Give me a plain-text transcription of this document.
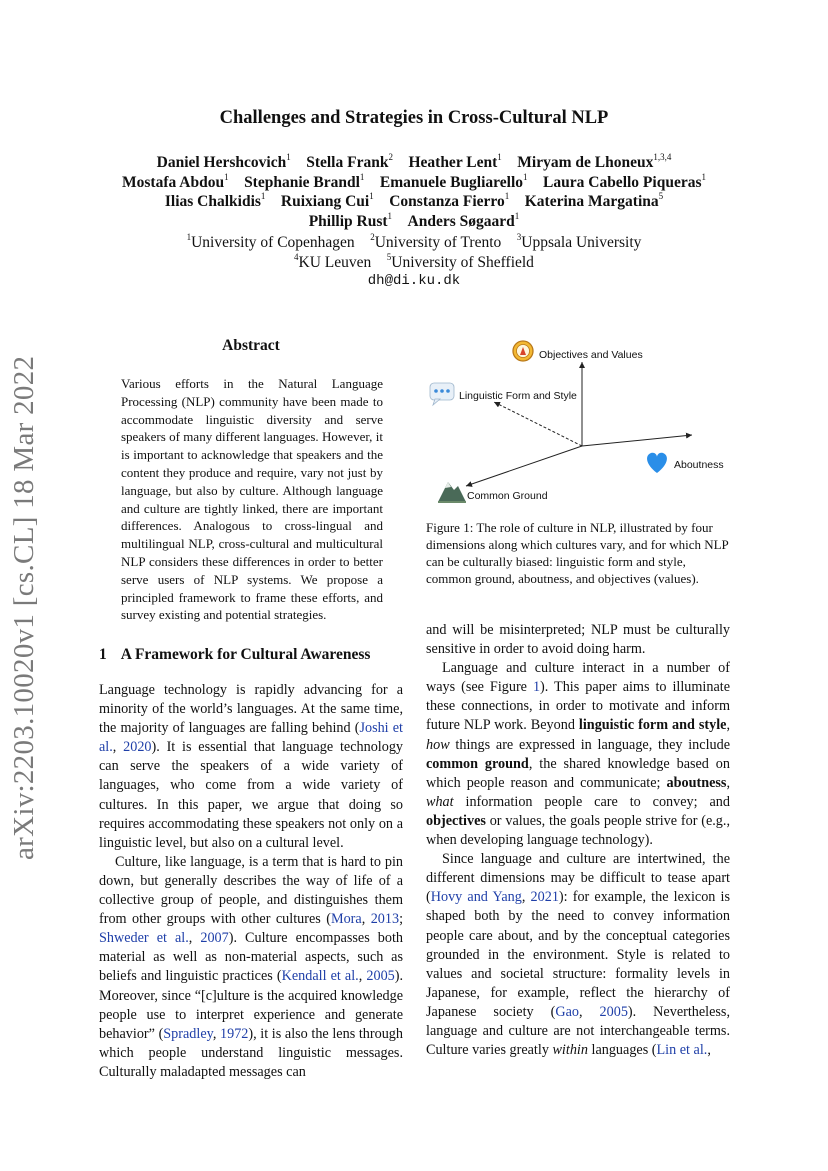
Challenges and Strategies in Cross-Cultural NLP
Daniel Hershcovich$^1$  Stella Frank$^2$  Heather Lent$^1$  Miryam de Lhoneux$^{1,3,4}$
Mostafa Abdou$^1$  Stephanie Brandl$^1$  Emanuele Bugliarello$^1$  Laura Cabello Piqueras$^1$
Ilias Chalkidis$^1$  Ruixiang Cui$^1$  Constanza Fierro$^1$  Katerina Margatina$^5$
Phillip Rust$^1$  Anders Søgaard$^1$
$^1$University of Copenhagen  $^2$University of Trento  $^3$Uppsala University
$^4$KU Leuven  $^5$University of Sheffield
dh@di.ku.dk
arXiv:2203.10020v1 [cs.CL] 18 Mar 2022
Abstract
Various efforts in the Natural Language Processing (NLP) community have been made to accommodate linguistic diversity and serve speakers of many different languages. However, it is important to acknowledge that speakers and the content they produce and require, vary not just by language, but also by culture. Although language and culture are tightly linked, there are important differences. Analogous to cross-lingual and multilingual NLP, cross-cultural and multicultural NLP considers these differences in order to better serve users of NLP systems. We propose a principled framework to frame these efforts, and survey existing and potential strategies.
1 A Framework for Cultural Awareness

Language technology is rapidly advancing for a minority of the world’s languages. At the same time, the majority of languages are falling behind (Joshi et al., 2020). It is essential that language technology can serve the speakers of a wide variety of languages, who come from a wide variety of cultures. In this paper, we argue that doing so requires accommodating these speakers not only on a linguistic level, but also on a cultural level.

Culture, like language, is a term that is hard to pin down, but generally describes the way of life of a collective group of people, and distinguishes them from other groups with other cultures (Mora, 2013; Shweder et al., 2007). Culture encompasses both material as well as non-material aspects, such as beliefs and linguistic practices (Kendall et al., 2005). Moreover, since “[c]ulture is the acquired knowledge people use to interpret experience and generate behavior” (Spradley, 1972), it is also the lens through which people understand linguistic messages. Culturally maladapted messages can

and will be misinterpreted; NLP must be culturally sensitive in order to avoid doing harm.

Language and culture interact in a number of ways (see Figure 1). This paper aims to illuminate these connections, in order to motivate and inform future NLP work. Beyond linguistic form and style, how things are expressed in language, they include common ground, the shared knowledge based on which people reason and communicate; aboutness, what information people care to convey; and objectives or values, the goals people strive for (e.g., when developing language technology).

Since language and culture are intertwined, the different dimensions may be difficult to tease apart (Hovy and Yang, 2021): for example, the lexicon is shaped both by the need to convey information people care about, and by the conceptual categories grounded in the environment. Style is related to values and societal structure: formality levels in Japanese, for example, reflect the hierarchy of Japanese society (Gao, 2005). Nevertheless, language and culture are not interchangeable terms. Culture varies greatly within languages (Lin et al.,

Objectives and Values
Linguistic Form and Style
Aboutness
Common Ground
Figure 1: The role of culture in NLP, illustrated by four dimensions along which cultures vary, and for which NLP can be culturally biased: linguistic form and style, common ground, aboutness, and objectives (values).
